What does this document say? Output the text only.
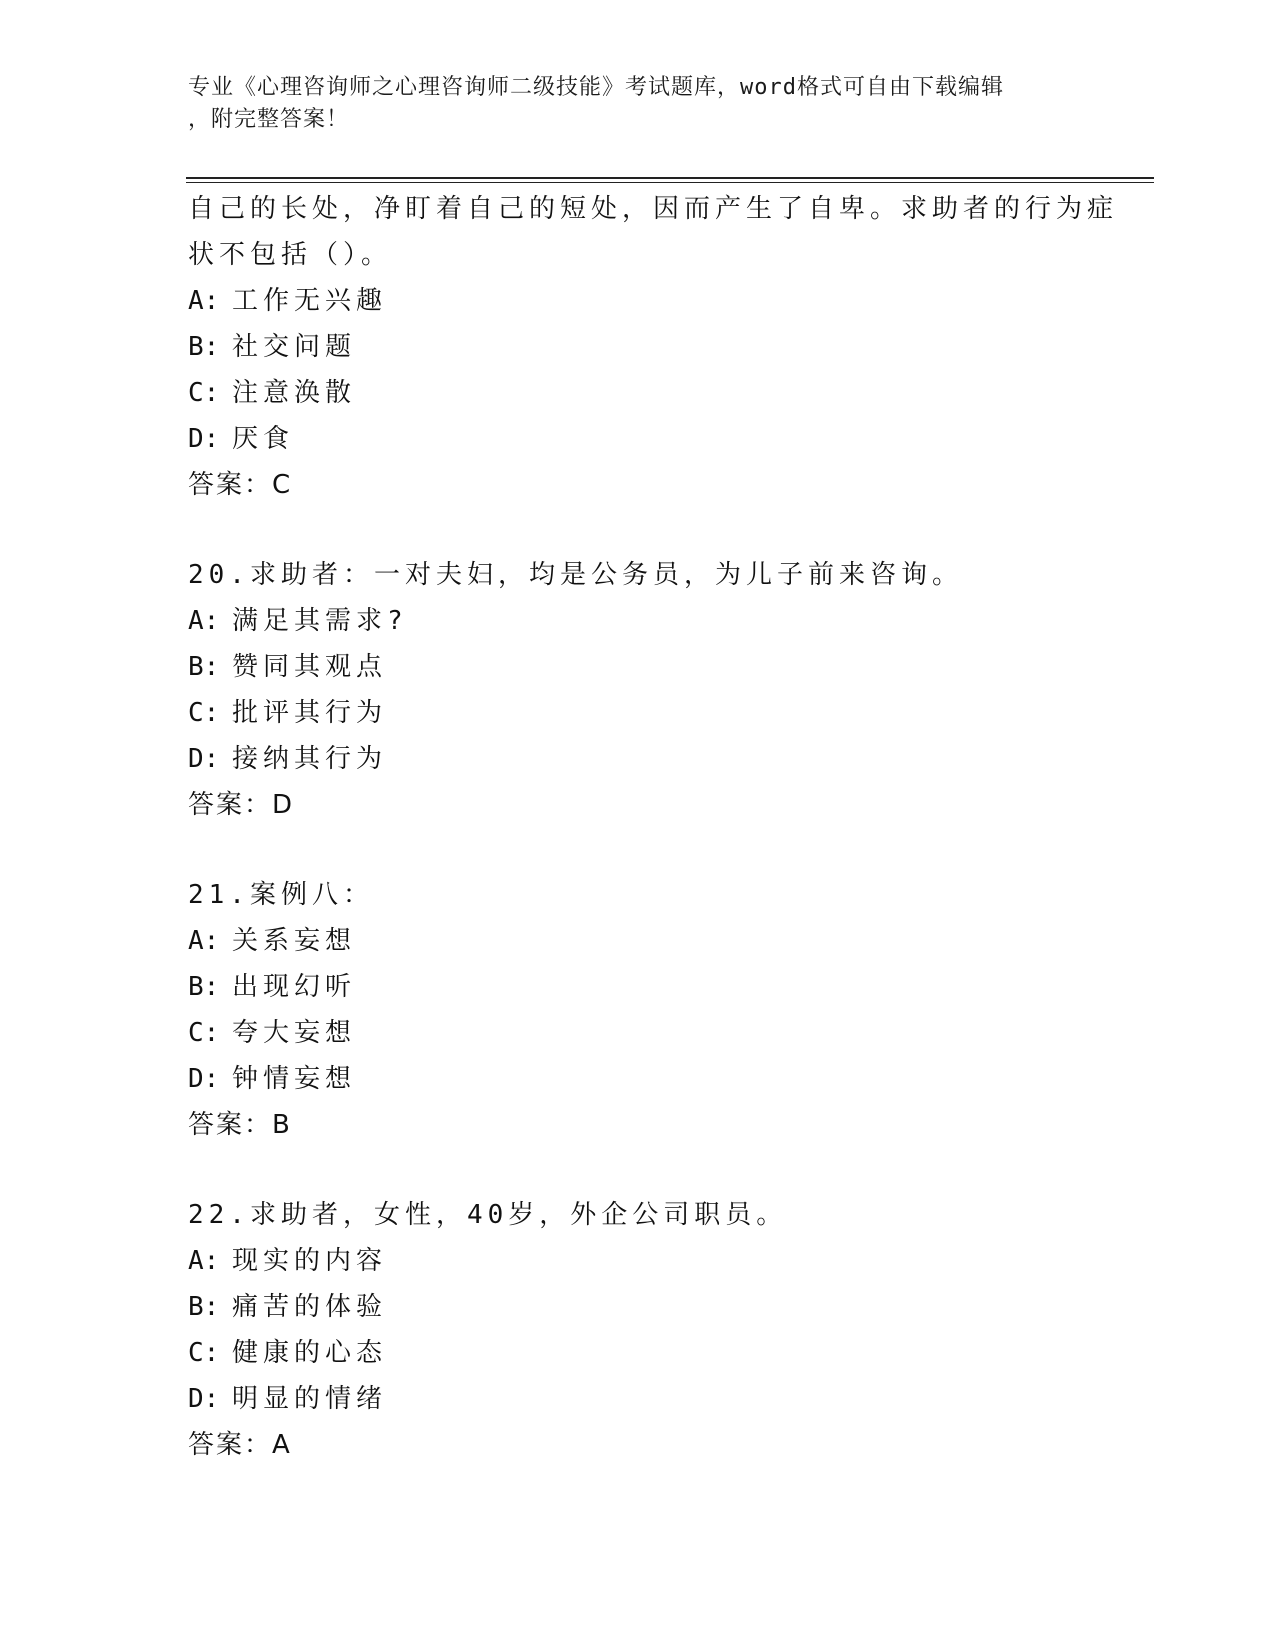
专业《心理咨询师之心理咨询师二级技能》考试题库，word格式可自由下载编辑
，附完整答案！
自己的长处，净盯着自己的短处，因而产生了自卑。求助者的行为症
状不包括（）。
A: 工作无兴趣
B: 社交问题
C: 注意涣散
D: 厌食
答案：C
20.求助者：一对夫妇，均是公务员，为儿子前来咨询。
A: 满足其需求?
B: 赞同其观点
C: 批评其行为
D: 接纳其行为
答案：D
21.案例八：
A: 关系妄想
B: 出现幻听
C: 夸大妄想
D: 钟情妄想
答案：B
22.求助者，女性，40岁，外企公司职员。
A: 现实的内容
B: 痛苦的体验
C: 健康的心态
D: 明显的情绪
答案：A
